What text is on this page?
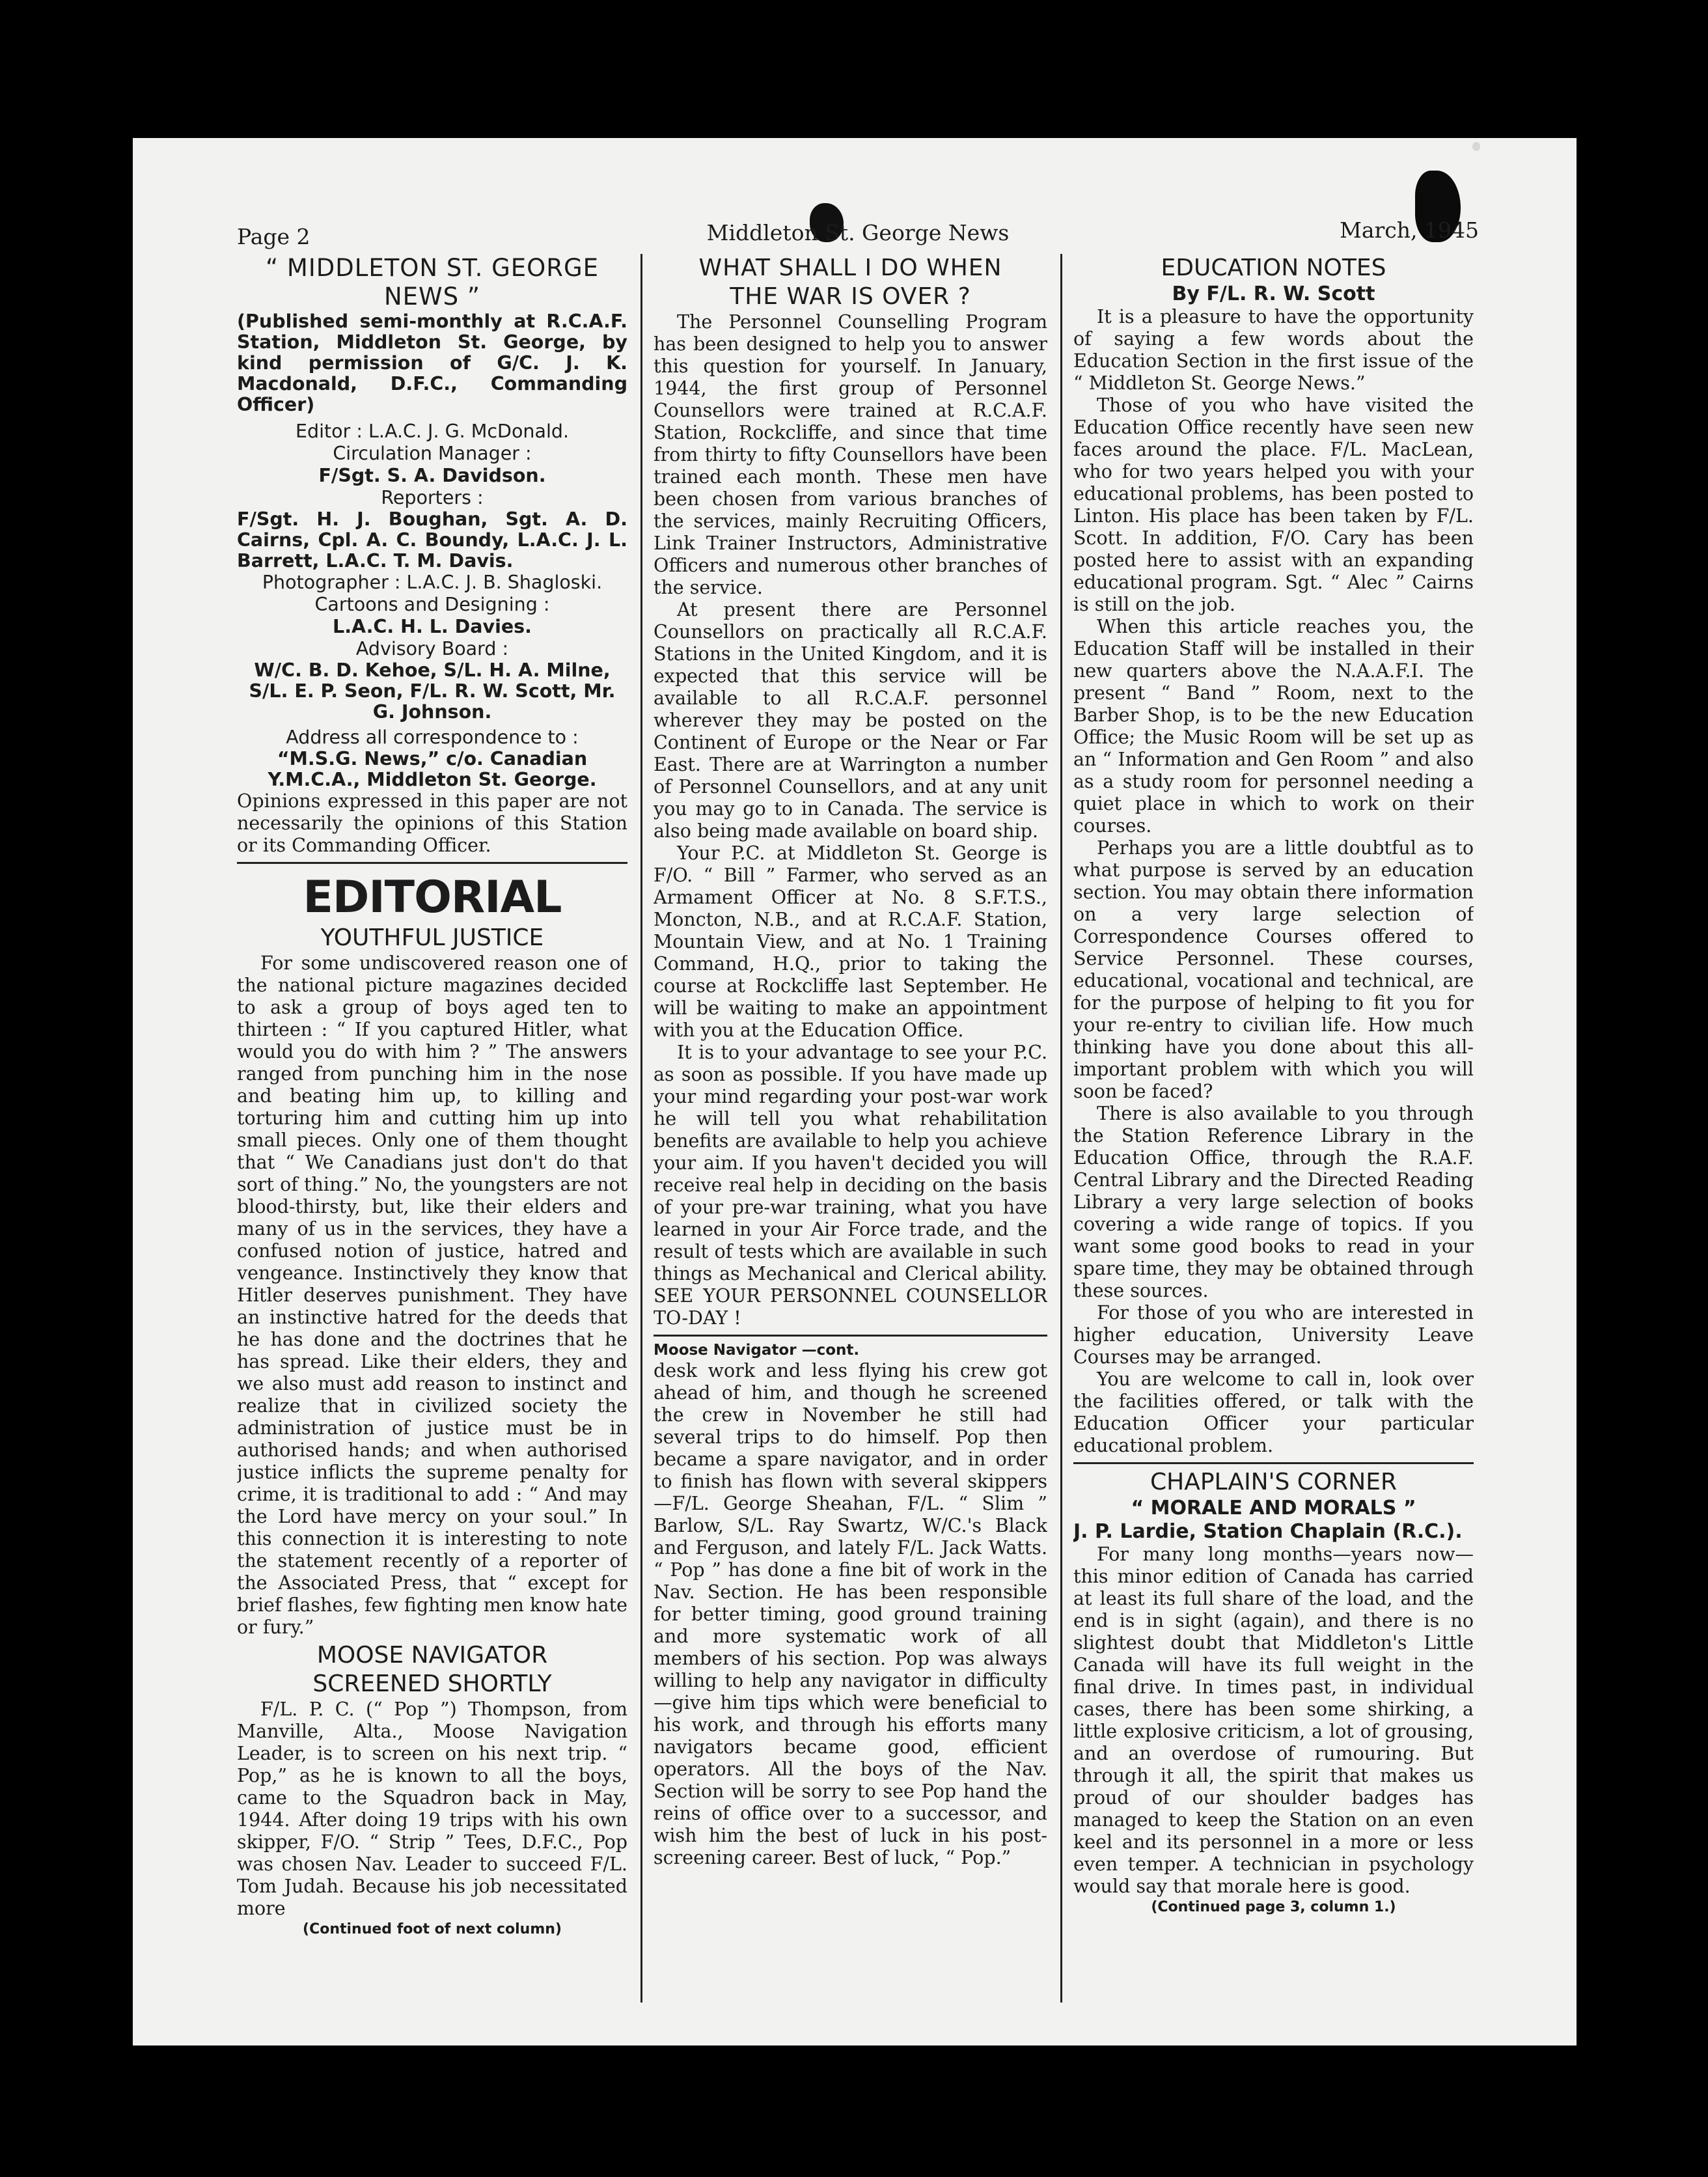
Page 2	Middleton St. George News	March, 1945
“ MIDDLETON ST. GEORGE
NEWS ”
(Published semi-monthly at R.C.A.F. Station, Middleton St. George, by kind permission of G/C. J. K. Macdonald, D.F.C., Commanding Officer)
Editor : L.A.C. J. G. McDonald.
Circulation Manager :
F/Sgt. S. A. Davidson.
Reporters :
F/Sgt. H. J. Boughan, Sgt. A. D. Cairns, Cpl. A. C. Boundy, L.A.C. J. L. Barrett, L.A.C. T. M. Davis.
Photographer : L.A.C. J. B. Shagloski.
Cartoons and Designing :
L.A.C. H. L. Davies.
Advisory Board :
W/C. B. D. Kehoe, S/L. H. A. Milne, S/L. E. P. Seon, F/L. R. W. Scott, Mr. G. Johnson.
Address all correspondence to :
“M.S.G. News,” c/o. Canadian Y.M.C.A., Middleton St. George.
Opinions expressed in this paper are not necessarily the opinions of this Station or its Commanding Officer.
EDITORIAL
YOUTHFUL JUSTICE

For some undiscovered reason one of the national picture magazines decided to ask a group of boys aged ten to thirteen : “ If you captured Hitler, what would you do with him ? ” The answers ranged from punching him in the nose and beating him up, to killing and torturing him and cutting him up into small pieces. Only one of them thought that “ We Canadians just don't do that sort of thing.” No, the youngsters are not blood-thirsty, but, like their elders and many of us in the services, they have a confused notion of justice, hatred and vengeance. Instinctively they know that Hitler deserves punishment. They have an instinctive hatred for the deeds that he has done and the doctrines that he has spread. Like their elders, they and we also must add reason to instinct and realize that in civilized society the administration of justice must be in authorised hands; and when authorised justice inflicts the supreme penalty for crime, it is traditional to add : “ And may the Lord have mercy on your soul.” In this connection it is interesting to note the statement recently of a reporter of the Associated Press, that “ except for brief flashes, few fighting men know hate or fury.”

MOOSE NAVIGATOR
SCREENED SHORTLY

F/L. P. C. (“ Pop ”) Thompson, from Manville, Alta., Moose Navigation Leader, is to screen on his next trip. “ Pop,” as he is known to all the boys, came to the Squadron back in May, 1944. After doing 19 trips with his own skipper, F/O. “ Strip ” Tees, D.F.C., Pop was chosen Nav. Leader to succeed F/L. Tom Judah. Because his job necessitated more

(Continued foot of next column)
WHAT SHALL I DO WHEN
THE WAR IS OVER ?

The Personnel Counselling Program has been designed to help you to answer this question for yourself. In January, 1944, the first group of Personnel Counsellors were trained at R.C.A.F. Station, Rockcliffe, and since that time from thirty to fifty Counsellors have been trained each month. These men have been chosen from various branches of the services, mainly Recruiting Officers, Link Trainer Instructors, Administrative Officers and numerous other branches of the service.

At present there are Personnel Counsellors on practically all R.C.A.F. Stations in the United Kingdom, and it is expected that this service will be available to all R.C.A.F. personnel wherever they may be posted on the Continent of Europe or the Near or Far East. There are at Warrington a number of Personnel Counsellors, and at any unit you may go to in Canada. The service is also being made available on board ship.

Your P.C. at Middleton St. George is F/O. “ Bill ” Farmer, who served as an Armament Officer at No. 8 S.F.T.S., Moncton, N.B., and at R.C.A.F. Station, Mountain View, and at No. 1 Training Command, H.Q., prior to taking the course at Rockcliffe last September. He will be waiting to make an appointment with you at the Education Office.

It is to your advantage to see your P.C. as soon as possible. If you have made up your mind regarding your post-war work he will tell you what rehabilitation benefits are available to help you achieve your aim. If you haven't decided you will receive real help in deciding on the basis of your pre-war training, what you have learned in your Air Force trade, and the result of tests which are available in such things as Mechanical and Clerical ability. SEE YOUR PERSONNEL COUNSELLOR TO-DAY !

Moose Navigator —cont.

desk work and less flying his crew got ahead of him, and though he screened the crew in November he still had several trips to do himself. Pop then became a spare navigator, and in order to finish has flown with several skippers—F/L. George Sheahan, F/L. “ Slim ” Barlow, S/L. Ray Swartz, W/C.'s Black and Ferguson, and lately F/L. Jack Watts. “ Pop ” has done a fine bit of work in the Nav. Section. He has been responsible for better timing, good ground training and more systematic work of all members of his section. Pop was always willing to help any navigator in difficulty—give him tips which were beneficial to his work, and through his efforts many navigators became good, efficient operators. All the boys of the Nav. Section will be sorry to see Pop hand the reins of office over to a successor, and wish him the best of luck in his post-screening career. Best of luck, “ Pop.”

EDUCATION NOTES
By F/L. R. W. Scott

It is a pleasure to have the opportunity of saying a few words about the Education Section in the first issue of the “ Middleton St. George News.”

Those of you who have visited the Education Office recently have seen new faces around the place. F/L. MacLean, who for two years helped you with your educational problems, has been posted to Linton. His place has been taken by F/L. Scott. In addition, F/O. Cary has been posted here to assist with an expanding educational program. Sgt. “ Alec ” Cairns is still on the job.

When this article reaches you, the Education Staff will be installed in their new quarters above the N.A.A.F.I. The present “ Band ” Room, next to the Barber Shop, is to be the new Education Office; the Music Room will be set up as an “ Information and Gen Room ” and also as a study room for personnel needing a quiet place in which to work on their courses.

Perhaps you are a little doubtful as to what purpose is served by an education section. You may obtain there information on a very large selection of Correspondence Courses offered to Service Personnel. These courses, educational, vocational and technical, are for the purpose of helping to fit you for your re-entry to civilian life. How much thinking have you done about this all-important problem with which you will soon be faced?

There is also available to you through the Station Reference Library in the Education Office, through the R.A.F. Central Library and the Directed Reading Library a very large selection of books covering a wide range of topics. If you want some good books to read in your spare time, they may be obtained through these sources.

For those of you who are interested in higher education, University Leave Courses may be arranged.

You are welcome to call in, look over the facilities offered, or talk with the Education Officer your particular educational problem.

CHAPLAIN'S CORNER
“ MORALE AND MORALS ”
J. P. Lardie, Station Chaplain (R.C.).

For many long months—years now—this minor edition of Canada has carried at least its full share of the load, and the end is in sight (again), and there is no slightest doubt that Middleton's Little Canada will have its full weight in the final drive. In times past, in individual cases, there has been some shirking, a little explosive criticism, a lot of grousing, and an overdose of rumouring. But through it all, the spirit that makes us proud of our shoulder badges has managed to keep the Station on an even keel and its personnel in a more or less even temper. A technician in psychology would say that morale here is good.

(Continued page 3, column 1.)
